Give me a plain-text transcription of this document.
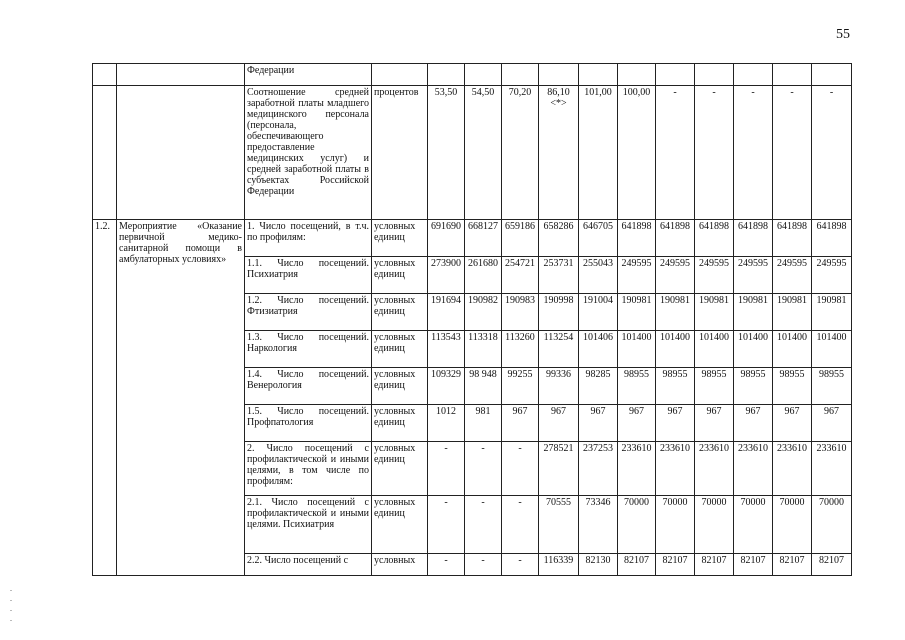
55
		Федерации												
		Соотношение средней заработной платы младшего медицинского персонала (персонала, обеспечивающего предоставление медицинских услуг) и средней заработной платы в субъектах Российской Федерации	процентов	53,50	54,50	70,20	86,10 <*>	101,00	100,00	-	-	-	-	-
1.2.	Мероприятие «Оказание первичной медико-санитарной помощи в амбулаторных условиях»	1. Число посещений, в т.ч. по профилям:	условных единиц	691690	668127	659186	658286	646705	641898	641898	641898	641898	641898	641898
		1.1. Число посещений. Психиатрия	условных единиц	273900	261680	254721	253731	255043	249595	249595	249595	249595	249595	249595
		1.2. Число посещений. Фтизиатрия	условных единиц	191694	190982	190983	190998	191004	190981	190981	190981	190981	190981	190981
		1.3. Число посещений. Наркология	условных единиц	113543	113318	113260	113254	101406	101400	101400	101400	101400	101400	101400
		1.4. Число посещений. Венерология	условных единиц	109329	98 948	99255	99336	98285	98955	98955	98955	98955	98955	98955
		1.5. Число посещений. Профпатология	условных единиц	1012	981	967	967	967	967	967	967	967	967	967
		2. Число посещений с профилактической и иными целями, в том числе по профилям:	условных единиц	-	-	-	278521	237253	233610	233610	233610	233610	233610	233610
		2.1. Число посещений с профилактической и иными целями. Психиатрия	условных единиц	-	-	-	70555	73346	70000	70000	70000	70000	70000	70000
		2.2. Число посещений с	условных	-	-	-	116339	82130	82107	82107	82107	82107	82107	82107
